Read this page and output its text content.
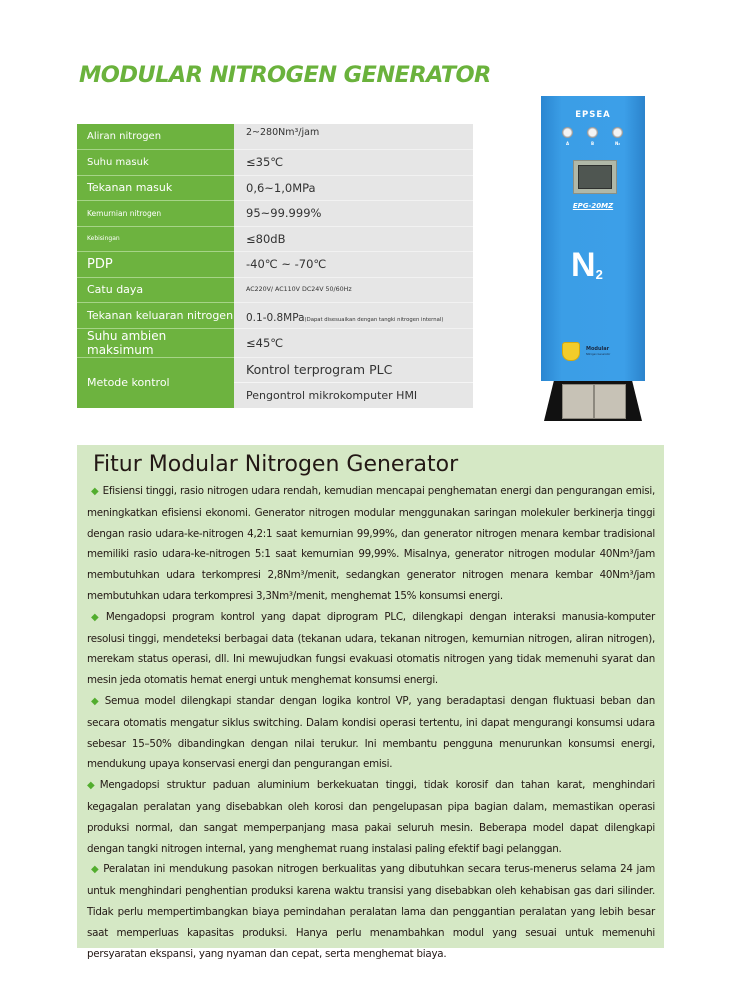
MODULAR NITROGEN GENERATOR
Aliran nitrogen	2~280Nm³/jam
Suhu masuk	≤35℃
Tekanan masuk	0,6~1,0MPa
Kemurnian nitrogen	95~99.999%
Kebisingan	≤80dB
PDP	-40℃ ~ -70℃
Catu daya	AC220V/ AC110V DC24V 50/60Hz
Tekanan keluaran nitrogen	0.1-0.8MPa(Dapat disesuaikan dengan tangki nitrogen internal)
Suhu ambien maksimum	≤45℃
Metode kontrol	Kontrol terprogram PLC
	Pengontrol mikrokomputer HMI
EPSEA
A	B	N₂
EPG-20MZ
$N_2$
Modular
Nitrogen Generator
Fitur Modular Nitrogen Generator

◆ Efisiensi tinggi, rasio nitrogen udara rendah, kemudian mencapai penghematan energi dan pengurangan emisi, meningkatkan efisiensi ekonomi. Generator nitrogen modular menggunakan saringan molekuler berkinerja tinggi dengan rasio udara-ke-nitrogen 4,2:1 saat kemurnian 99,99%, dan generator nitrogen menara kembar tradisional memiliki rasio udara-ke-nitrogen 5:1 saat kemurnian 99,99%. Misalnya, generator nitrogen modular 40Nm³/jam membutuhkan udara terkompresi 2,8Nm³/menit, sedangkan generator nitrogen menara kembar 40Nm³/jam membutuhkan udara terkompresi 3,3Nm³/menit, menghemat 15% konsumsi energi.

◆ Mengadopsi program kontrol yang dapat diprogram PLC, dilengkapi dengan interaksi manusia-komputer resolusi tinggi, mendeteksi berbagai data (tekanan udara, tekanan nitrogen, kemurnian nitrogen, aliran nitrogen), merekam status operasi, dll. Ini mewujudkan fungsi evakuasi otomatis nitrogen yang tidak memenuhi syarat dan mesin jeda otomatis hemat energi untuk menghemat konsumsi energi.

◆ Semua model dilengkapi standar dengan logika kontrol VP, yang beradaptasi dengan fluktuasi beban dan secara otomatis mengatur siklus switching. Dalam kondisi operasi tertentu, ini dapat mengurangi konsumsi udara sebesar 15–50% dibandingkan dengan nilai terukur. Ini membantu pengguna menurunkan konsumsi energi, mendukung upaya konservasi energi dan pengurangan emisi.

◆Mengadopsi struktur paduan aluminium berkekuatan tinggi, tidak korosif dan tahan karat, menghindari kegagalan peralatan yang disebabkan oleh korosi dan pengelupasan pipa bagian dalam, memastikan operasi produksi normal, dan sangat memperpanjang masa pakai seluruh mesin. Beberapa model dapat dilengkapi dengan tangki nitrogen internal, yang menghemat ruang instalasi paling efektif bagi pelanggan.

◆ Peralatan ini mendukung pasokan nitrogen berkualitas yang dibutuhkan secara terus-menerus selama 24 jam untuk menghindari penghentian produksi karena waktu transisi yang disebabkan oleh kehabisan gas dari silinder. Tidak perlu mempertimbangkan biaya pemindahan peralatan lama dan penggantian peralatan yang lebih besar saat memperluas kapasitas produksi. Hanya perlu menambahkan modul yang sesuai untuk memenuhi persyaratan ekspansi, yang nyaman dan cepat, serta menghemat biaya.
